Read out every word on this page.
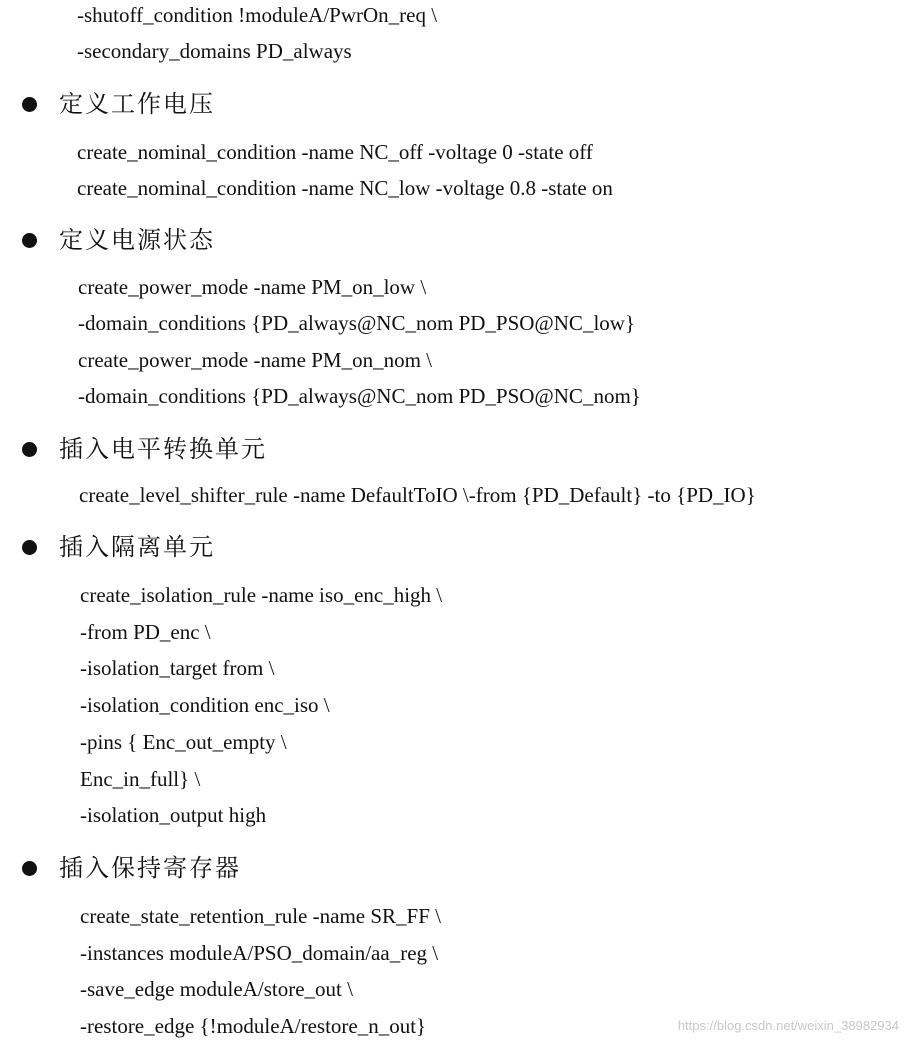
-shutoff_condition !moduleA/PwrOn_req \
-secondary_domains PD_always
定义工作电压
create_nominal_condition -name NC_off -voltage 0 -state off
create_nominal_condition -name NC_low -voltage 0.8 -state on
定义电源状态
create_power_mode -name PM_on_low \
-domain_conditions {PD_always@NC_nom PD_PSO@NC_low}
create_power_mode -name PM_on_nom \
-domain_conditions {PD_always@NC_nom PD_PSO@NC_nom}
插入电平转换单元
create_level_shifter_rule -name DefaultToIO \-from {PD_Default} -to {PD_IO}
插入隔离单元
create_isolation_rule -name iso_enc_high \
-from PD_enc \
-isolation_target from \
-isolation_condition enc_iso \
-pins { Enc_out_empty \
Enc_in_full} \
-isolation_output high
插入保持寄存器
create_state_retention_rule -name SR_FF \
-instances moduleA/PSO_domain/aa_reg \
-save_edge moduleA/store_out \
-restore_edge {!moduleA/restore_n_out}	https://blog.csdn.net/weixin_38982934
